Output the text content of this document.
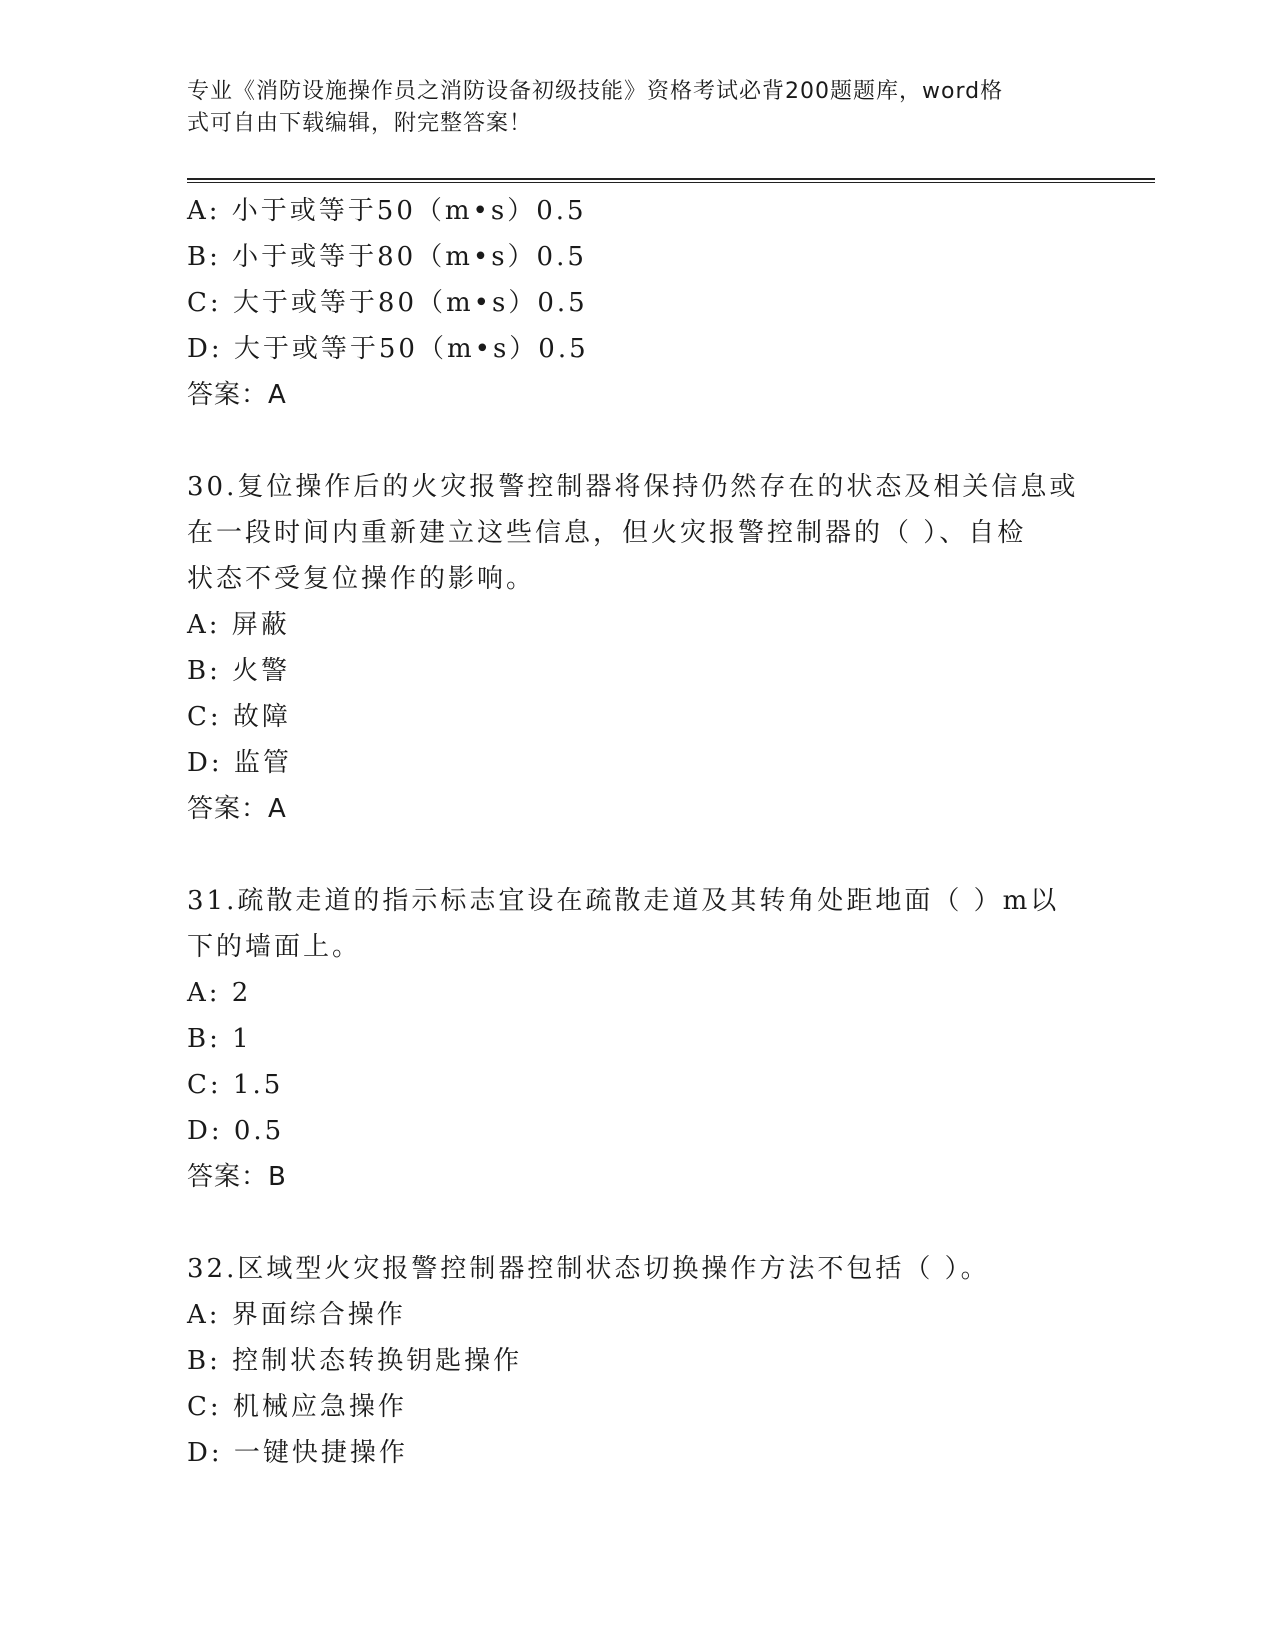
专业《消防设施操作员之消防设备初级技能》资格考试必背200题题库，word格
式可自由下载编辑，附完整答案！
A: 小于或等于50（m•s）0.5
B: 小于或等于80（m•s）0.5
C: 大于或等于80（m•s）0.5
D: 大于或等于50（m•s）0.5
答案：A
30.复位操作后的火灾报警控制器将保持仍然存在的状态及相关信息或
在一段时间内重新建立这些信息，但火灾报警控制器的（ ）、自检
状态不受复位操作的影响。
A: 屏蔽
B: 火警
C: 故障
D: 监管
答案：A
31.疏散走道的指示标志宜设在疏散走道及其转角处距地面（ ）m以
下的墙面上。
A: 2
B: 1
C: 1.5
D: 0.5
答案：B
32.区域型火灾报警控制器控制状态切换操作方法不包括（ ）。
A: 界面综合操作
B: 控制状态转换钥匙操作
C: 机械应急操作
D: 一键快捷操作
